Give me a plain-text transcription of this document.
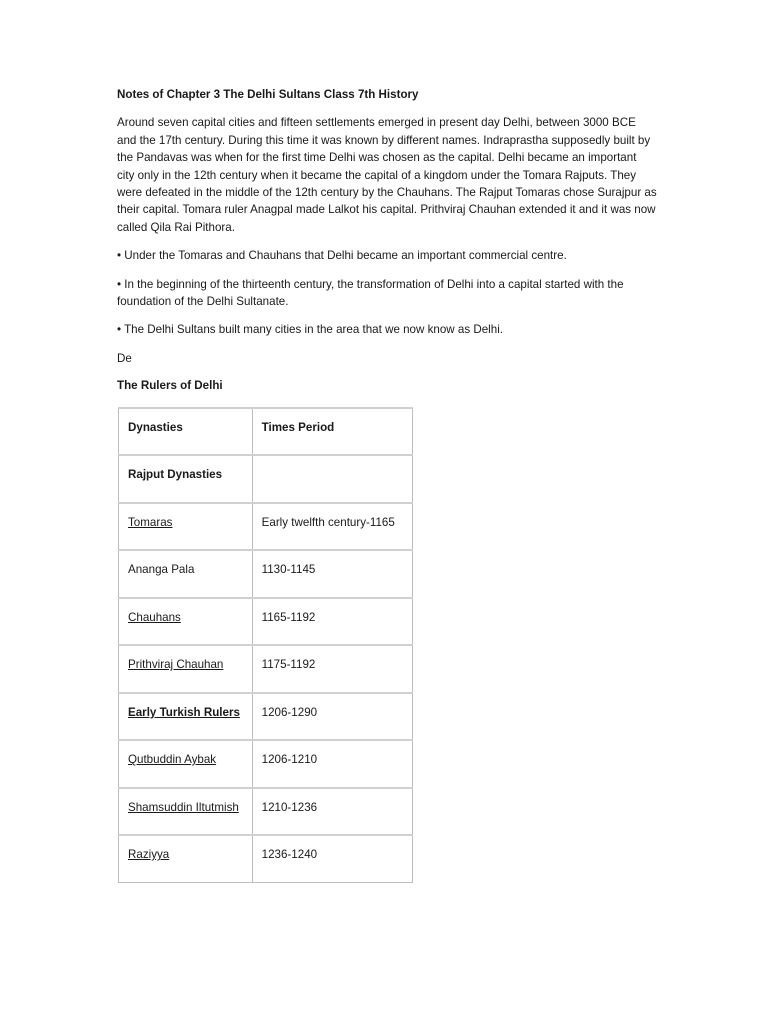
Notes of Chapter 3 The Delhi Sultans Class 7th History
Around seven capital cities and fifteen settlements emerged in present day Delhi, between 3000 BCE and the 17th century. During this time it was known by different names. Indraprastha supposedly built by the Pandavas was when for the first time Delhi was chosen as the capital. Delhi became an important city only in the 12th century when it became the capital of a kingdom under the Tomara Rajputs. They were defeated in the middle of the 12th century by the Chauhans. The Rajput Tomaras chose Surajpur as their capital. Tomara ruler Anagpal made Lalkot his capital. Prithviraj Chauhan extended it and it was now called Qila Rai Pithora.
• Under the Tomaras and Chauhans that Delhi became an important commercial centre.
• In the beginning of the thirteenth century, the transformation of Delhi into a capital started with the foundation of the Delhi Sultanate.
• The Delhi Sultans built many cities in the area that we now know as Delhi.
De
The Rulers of Delhi
Dynasties	Times Period
Rajput Dynasties	
Tomaras	Early twelfth century-1165
Ananga Pala	1130-1145
Chauhans	1165-1192
Prithviraj Chauhan	1175-1192
Early Turkish Rulers	1206-1290
Qutbuddin Aybak	1206-1210
Shamsuddin Iltutmish	1210-1236
Raziyya	1236-1240
